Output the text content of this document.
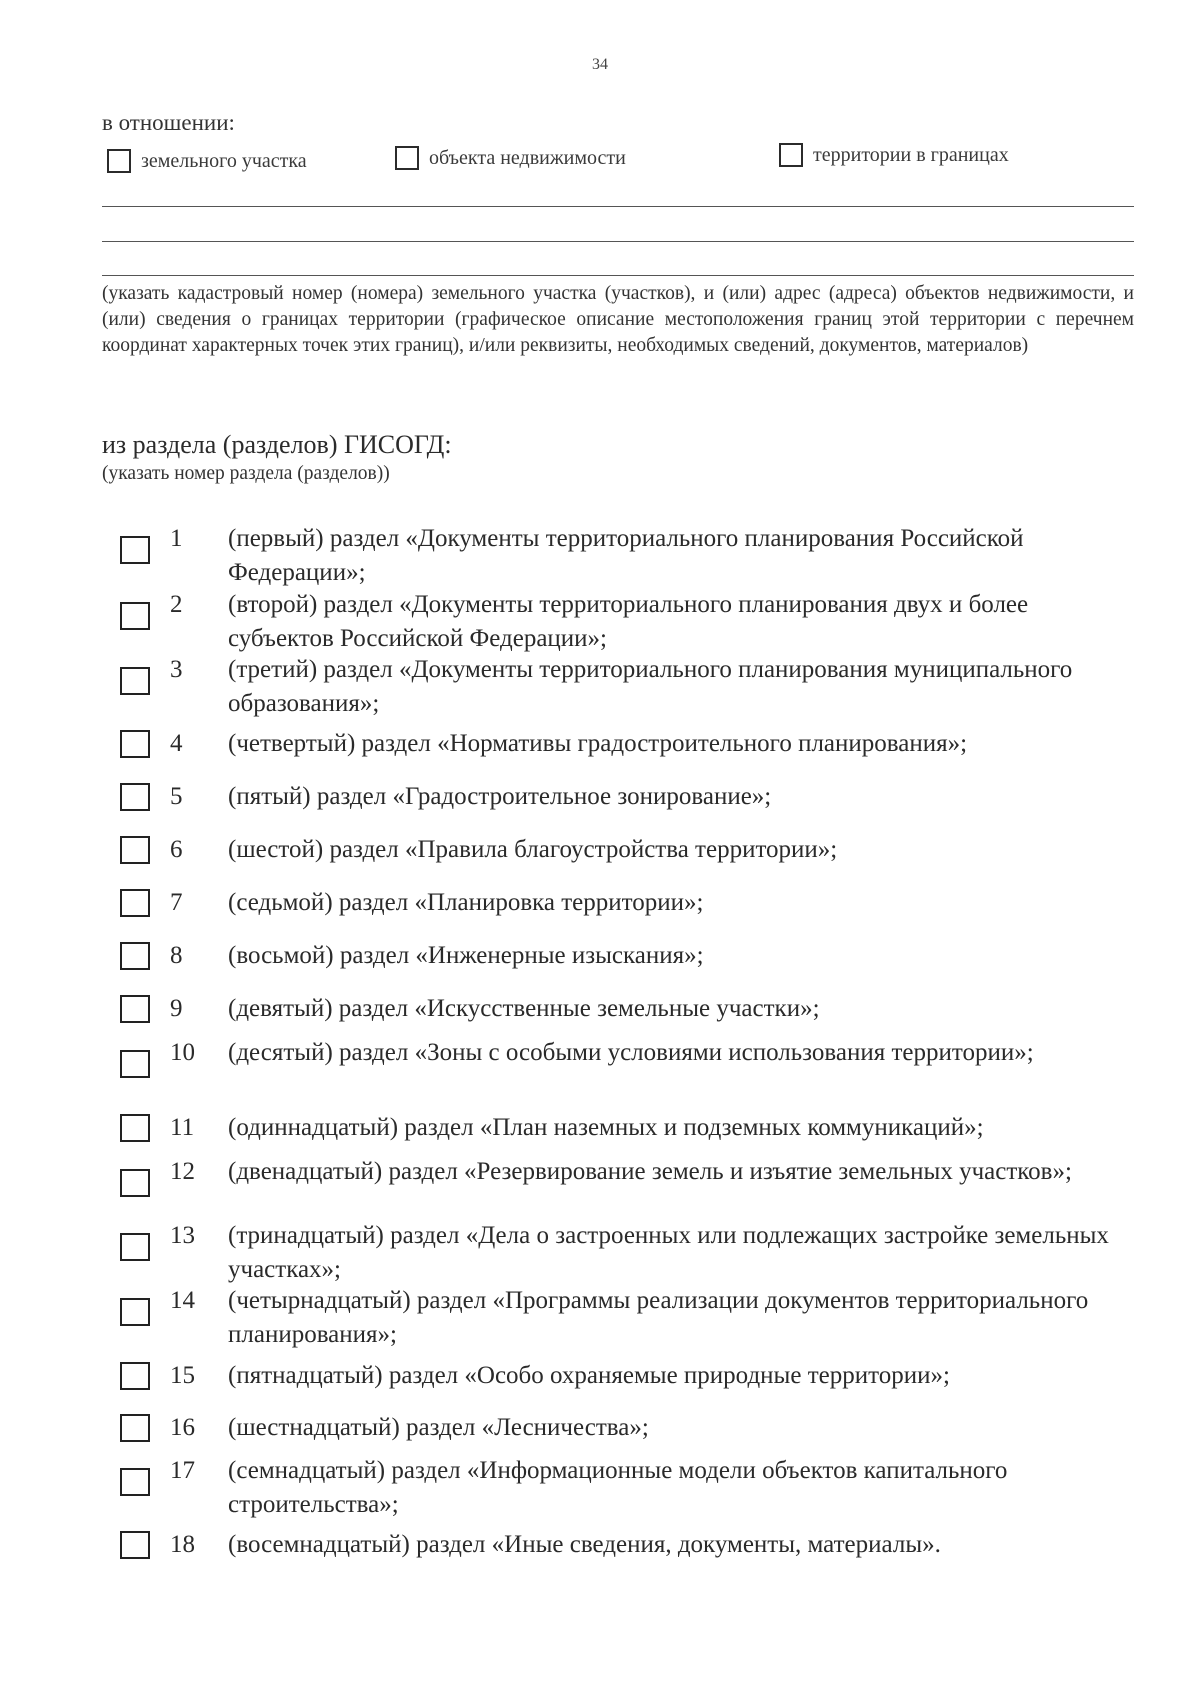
34
в отношении:
земельного участка	объекта недвижимости	территории в границах
(указать кадастровый номер (номера) земельного участка (участков), и (или) адрес (адреса) объектов недвижимости, и (или) сведения о границах территории (графическое описание местоположения границ этой территории с перечнем координат характерных точек этих границ), и/или реквизиты, необходимых сведений, документов, материалов)
из раздела (разделов) ГИСОГД:
(указать номер раздела (разделов))
1	(первый) раздел «Документы территориального планирования Российской Федерации»;
2	(второй) раздел «Документы территориального планирования двух и более субъектов Российской Федерации»;
3	(третий) раздел «Документы территориального планирования муниципального образования»;
4	(четвертый) раздел «Нормативы градостроительного планирования»;
5	(пятый) раздел «Градостроительное зонирование»;
6	(шестой) раздел «Правила благоустройства территории»;
7	(седьмой) раздел «Планировка территории»;
8	(восьмой) раздел «Инженерные изыскания»;
9	(девятый) раздел «Искусственные земельные участки»;
10	(десятый) раздел «Зоны с особыми условиями использования территории»;
11	(одиннадцатый) раздел «План наземных и подземных коммуникаций»;
12	(двенадцатый) раздел «Резервирование земель и изъятие земельных участков»;
13	(тринадцатый) раздел «Дела о застроенных или подлежащих застройке земельных участках»;
14	(четырнадцатый) раздел «Программы реализации документов территориального планирования»;
15	(пятнадцатый) раздел «Особо охраняемые природные территории»;
16	(шестнадцатый) раздел «Лесничества»;
17	(семнадцатый) раздел «Информационные модели объектов капитального строительства»;
18	(восемнадцатый) раздел «Иные сведения, документы, материалы».
